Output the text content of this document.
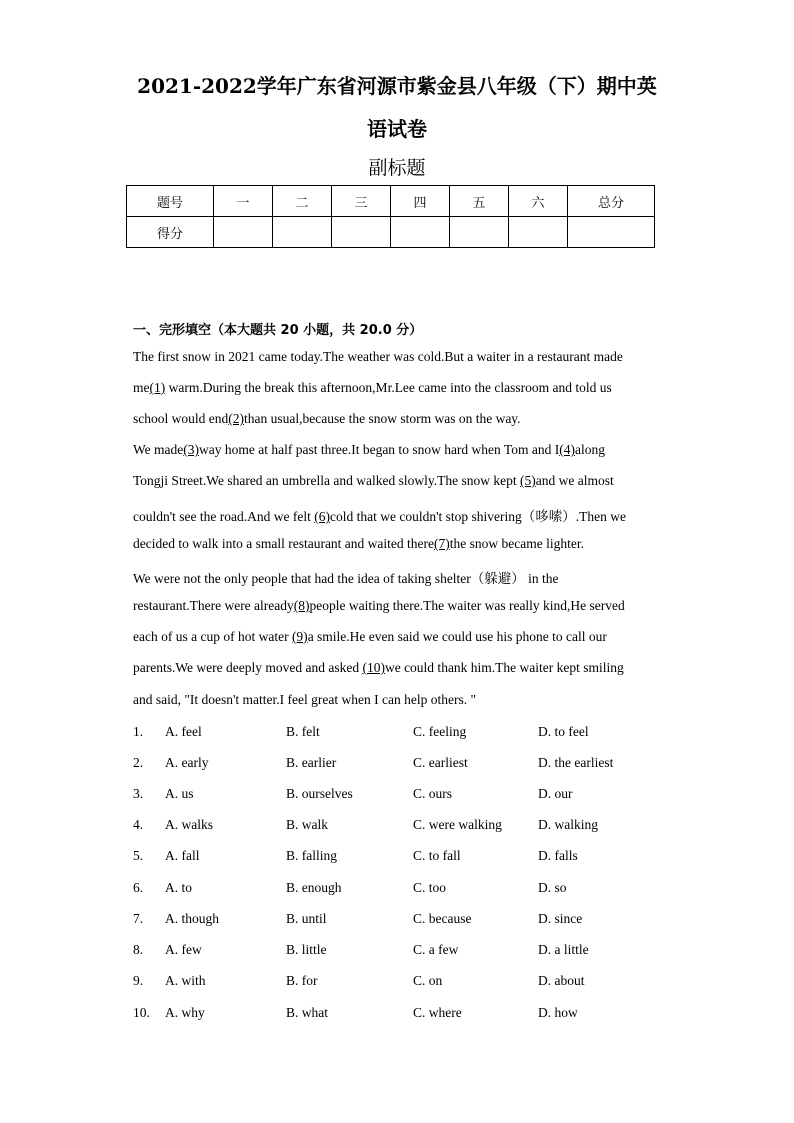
2021-2022学年广东省河源市紫金县八年级（下）期中英
语试卷
副标题
题号	一	二	三	四	五	六	总分
得分							
一、完形填空（本大题共 20 小题，共 20.0 分）
The first snow in 2021 came today.The weather was cold.But a waiter in a restaurant made
me(1) warm.During the break this afternoon,Mr.Lee came into the classroom and told us
school would end(2)than usual,because the snow storm was on the way.
We made(3)way home at half past three.It began to snow hard when Tom and I(4)along
Tongji Street.We shared an umbrella and walked slowly.The snow kept (5)and we almost
couldn't see the road.And we felt (6)cold that we couldn't stop shivering（哆嗦）.Then we
decided to walk into a small restaurant and waited there(7)the snow became lighter.
We were not the only people that had the idea of taking shelter（躲避） in the
restaurant.There were already(8)people waiting there.The waiter was really kind,He served
each of us a cup of hot water (9)a smile.He even said we could use his phone to call our
parents.We were deeply moved and asked (10)we could thank him.The waiter kept smiling
and said, "It doesn't matter.I feel great when I can help others. "
1. A. feel	B. felt	C. feeling	D. to feel
2. A. early	B. earlier	C. earliest	D. the earliest
3. A. us	B. ourselves	C. ours	D. our
4. A. walks	B. walk	C. were walking	D. walking
5. A. fall	B. falling	C. to fall	D. falls
6. A. to	B. enough	C. too	D. so
7. A. though	B. until	C. because	D. since
8. A. few	B. little	C. a few	D. a little
9. A. with	B. for	C. on	D. about
10. A. why	B. what	C. where	D. how
